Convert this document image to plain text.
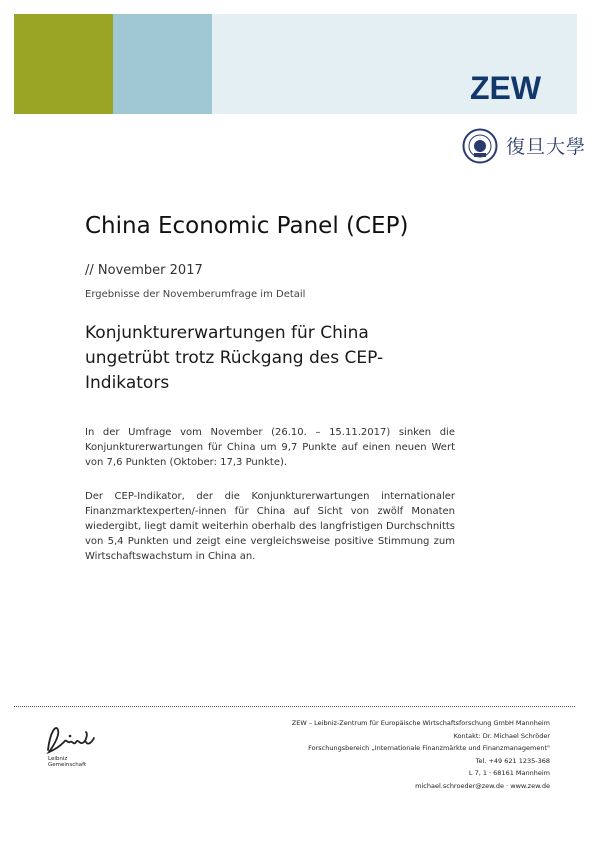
ZEW
復旦大學
China Economic Panel (CEP)
// November 2017
Ergebnisse der Novemberumfrage im Detail
Konjunkturerwartungen für China ungetrübt trotz Rückgang des CEP-Indikators

In der Umfrage vom November (26.10. – 15.11.2017) sinken die Konjunkturerwartungen für China um 9,7 Punkte auf einen neuen Wert von 7,6 Punkten (Oktober: 17,3 Punkte).

Der CEP-Indikator, der die Konjunkturerwartungen internationaler Finanzmarktexperten/-innen für China auf Sicht von zwölf Monaten wiedergibt, liegt damit weiterhin oberhalb des langfristigen Durchschnitts von 5,4 Punkten und zeigt eine vergleichsweise positive Stimmung zum Wirtschaftswachstum in China an.

Leibniz
Gemeinschaft
ZEW – Leibniz-Zentrum für Europäische Wirtschaftsforschung GmbH Mannheim
Kontakt: Dr. Michael Schröder
Forschungsbereich „Internationale Finanzmärkte und Finanzmanagement"
Tel. +49 621 1235-368
L 7, 1 · 68161 Mannheim
michael.schroeder@zew.de · www.zew.de
